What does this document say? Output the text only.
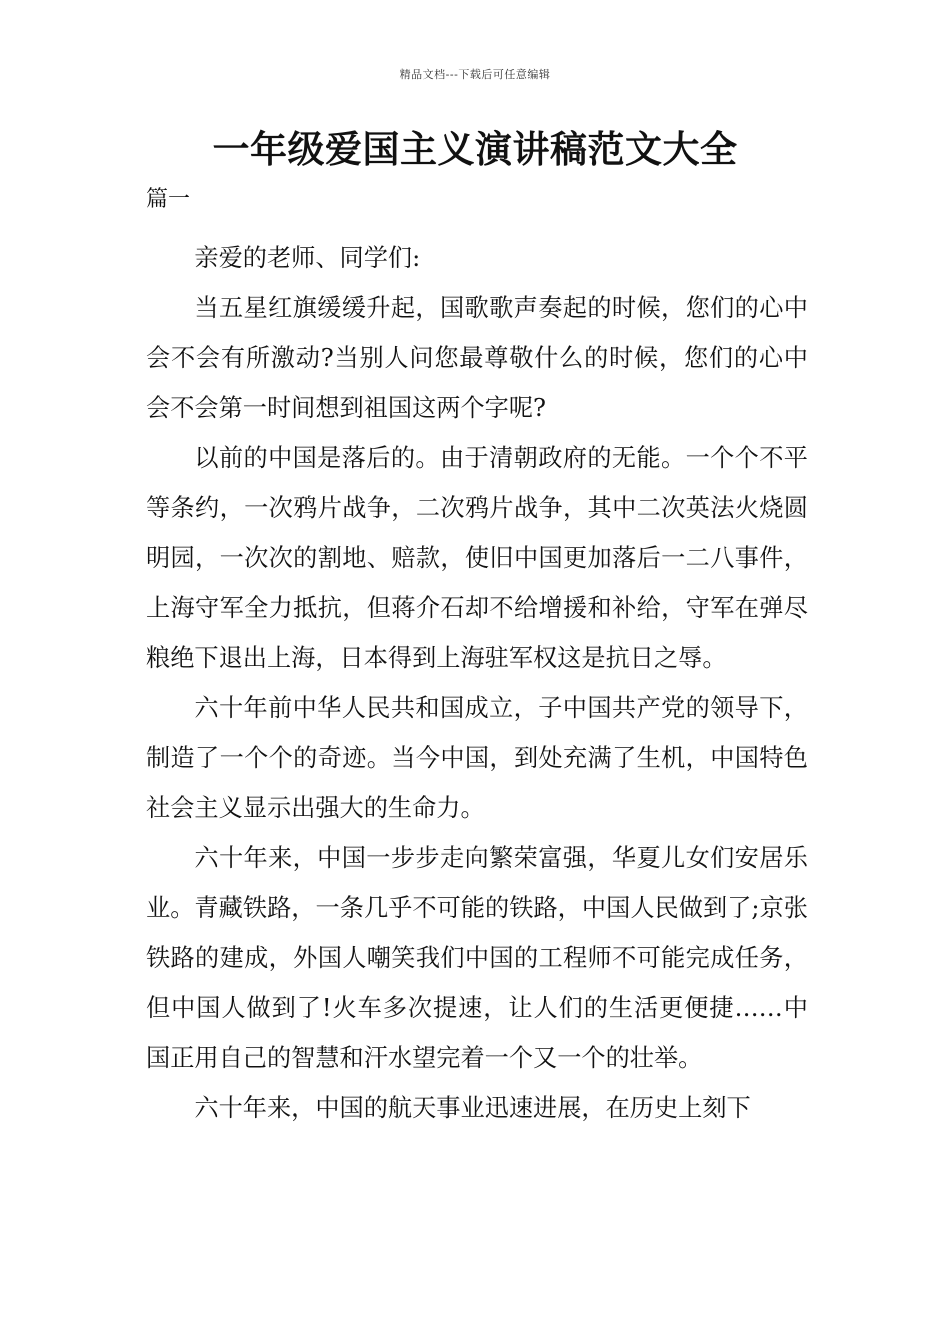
精品文档---下载后可任意编辑
一年级爱国主义演讲稿范文大全
篇一

亲爱的老师、同学们:

当五星红旗缓缓升起，国歌歌声奏起的时候，您们的心中会不会有所激动?当别人问您最尊敬什么的时候，您们的心中会不会第一时间想到祖国这两个字呢?

以前的中国是落后的。由于清朝政府的无能。一个个不平等条约，一次鸦片战争，二次鸦片战争，其中二次英法火烧圆明园，一次次的割地、赔款，使旧中国更加落后一二八事件，上海守军全力抵抗，但蒋介石却不给增援和补给，守军在弹尽粮绝下退出上海，日本得到上海驻军权这是抗日之辱。

六十年前中华人民共和国成立，子中国共产党的领导下，制造了一个个的奇迹。当今中国，到处充满了生机，中国特色社会主义显示出强大的生命力。

六十年来，中国一步步走向繁荣富强，华夏儿女们安居乐业。青藏铁路，一条几乎不可能的铁路，中国人民做到了;京张铁路的建成，外国人嘲笑我们中国的工程师不可能完成任务，但中国人做到了!火车多次提速，让人们的生活更便捷……中国正用自己的智慧和汗水望完着一个又一个的壮举。

六十年来，中国的航天事业迅速进展，在历史上刻下
